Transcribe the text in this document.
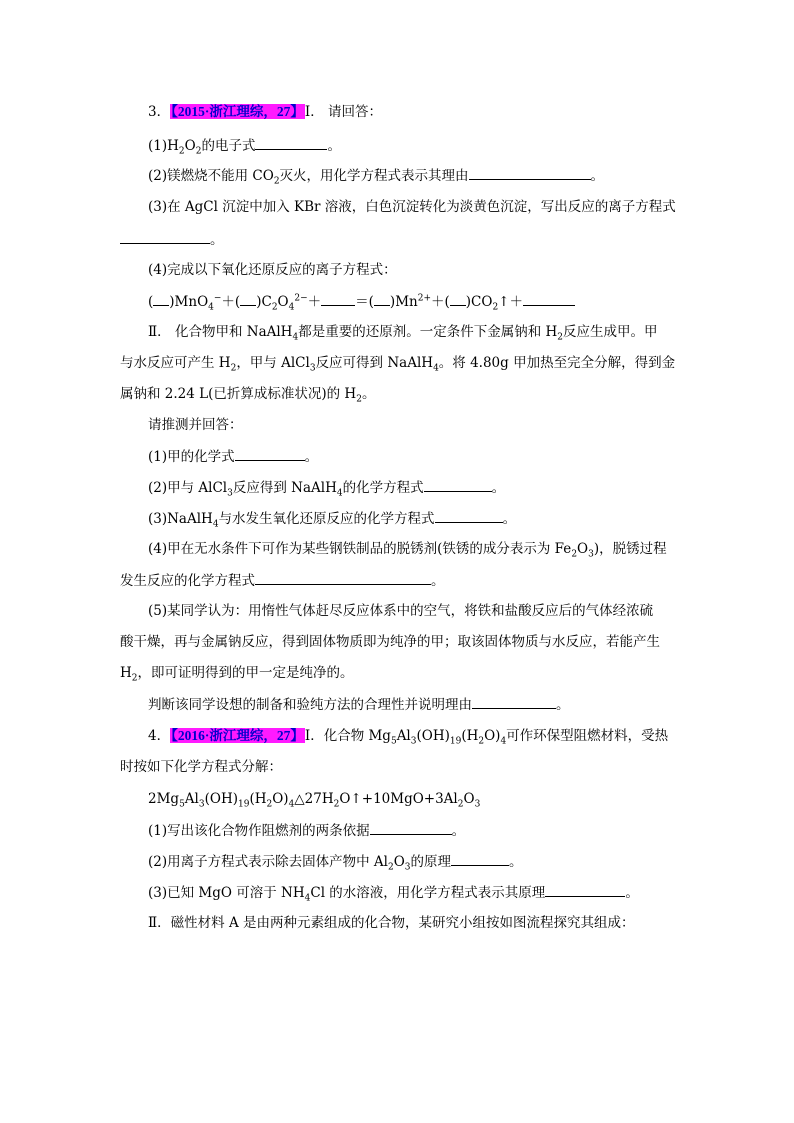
3．【2015·浙江理综，27】Ⅰ． 请回答：
$(1)H_2O_2$的电子式	。
(2)镁燃烧不能用 $CO_2$灭火，用化学方程式表示其理由	。
(3)在 AgCl 沉淀中加入 KBr 溶液，白色沉淀转化为淡黄色沉淀，写出反应的离子方程式
。
(4)完成以下氧化还原反应的离子方程式：
( )MnO$_4$−＋( )$C_2O_4^{2-}+$	＝( )$Mn^{2+}+$( )$CO_2↑+$
Ⅱ． 化合物甲和 NaAlH$_4$都是重要的还原剂。一定条件下金属钠和 $H_2$反应生成甲。甲
与水反应可产生 $H_2$，甲与 AlCl$_3$反应可得到 NaAlH$_4$。将 4.80g 甲加热至完全分解，得到金
属钠和 2.24 L(已折算成标准状况)的 $H_2$。
请推测并回答：
(1)甲的化学式	。
(2)甲与 AlCl$_3$反应得到 NaAlH$_4$的化学方程式	。
(3)NaAlH$_4$与水发生氧化还原反应的化学方程式	。
(4)甲在无水条件下可作为某些钢铁制品的脱锈剂(铁锈的成分表示为 $Fe_2O_3$)，脱锈过程
发生反应的化学方程式	。
(5)某同学认为：用惰性气体赶尽反应体系中的空气，将铁和盐酸反应后的气体经浓硫
酸干燥，再与金属钠反应，得到固体物质即为纯净的甲；取该固体物质与水反应，若能产生
$H_2$，即可证明得到的甲一定是纯净的。
判断该同学设想的制备和验纯方法的合理性并说明理由	。
4．【2016·浙江理综，27】Ⅰ．化合物 $Mg_5Al_3(OH)_{19}(H_2O)_4$可作环保型阻燃材料，受热
时按如下化学方程式分解：
$2Mg_5Al_3(OH)_{19}(H_2O)_4\triangle 27H_2O↑+10MgO+3Al_2O_3$
(1)写出该化合物作阻燃剂的两条依据	。
(2)用离子方程式表示除去固体产物中 $Al_2O_3$的原理	。
(3)已知 MgO 可溶于 $NH_4Cl$ 的水溶液，用化学方程式表示其原理	。
Ⅱ．磁性材料 A 是由两种元素组成的化合物，某研究小组按如图流程探究其组成：
